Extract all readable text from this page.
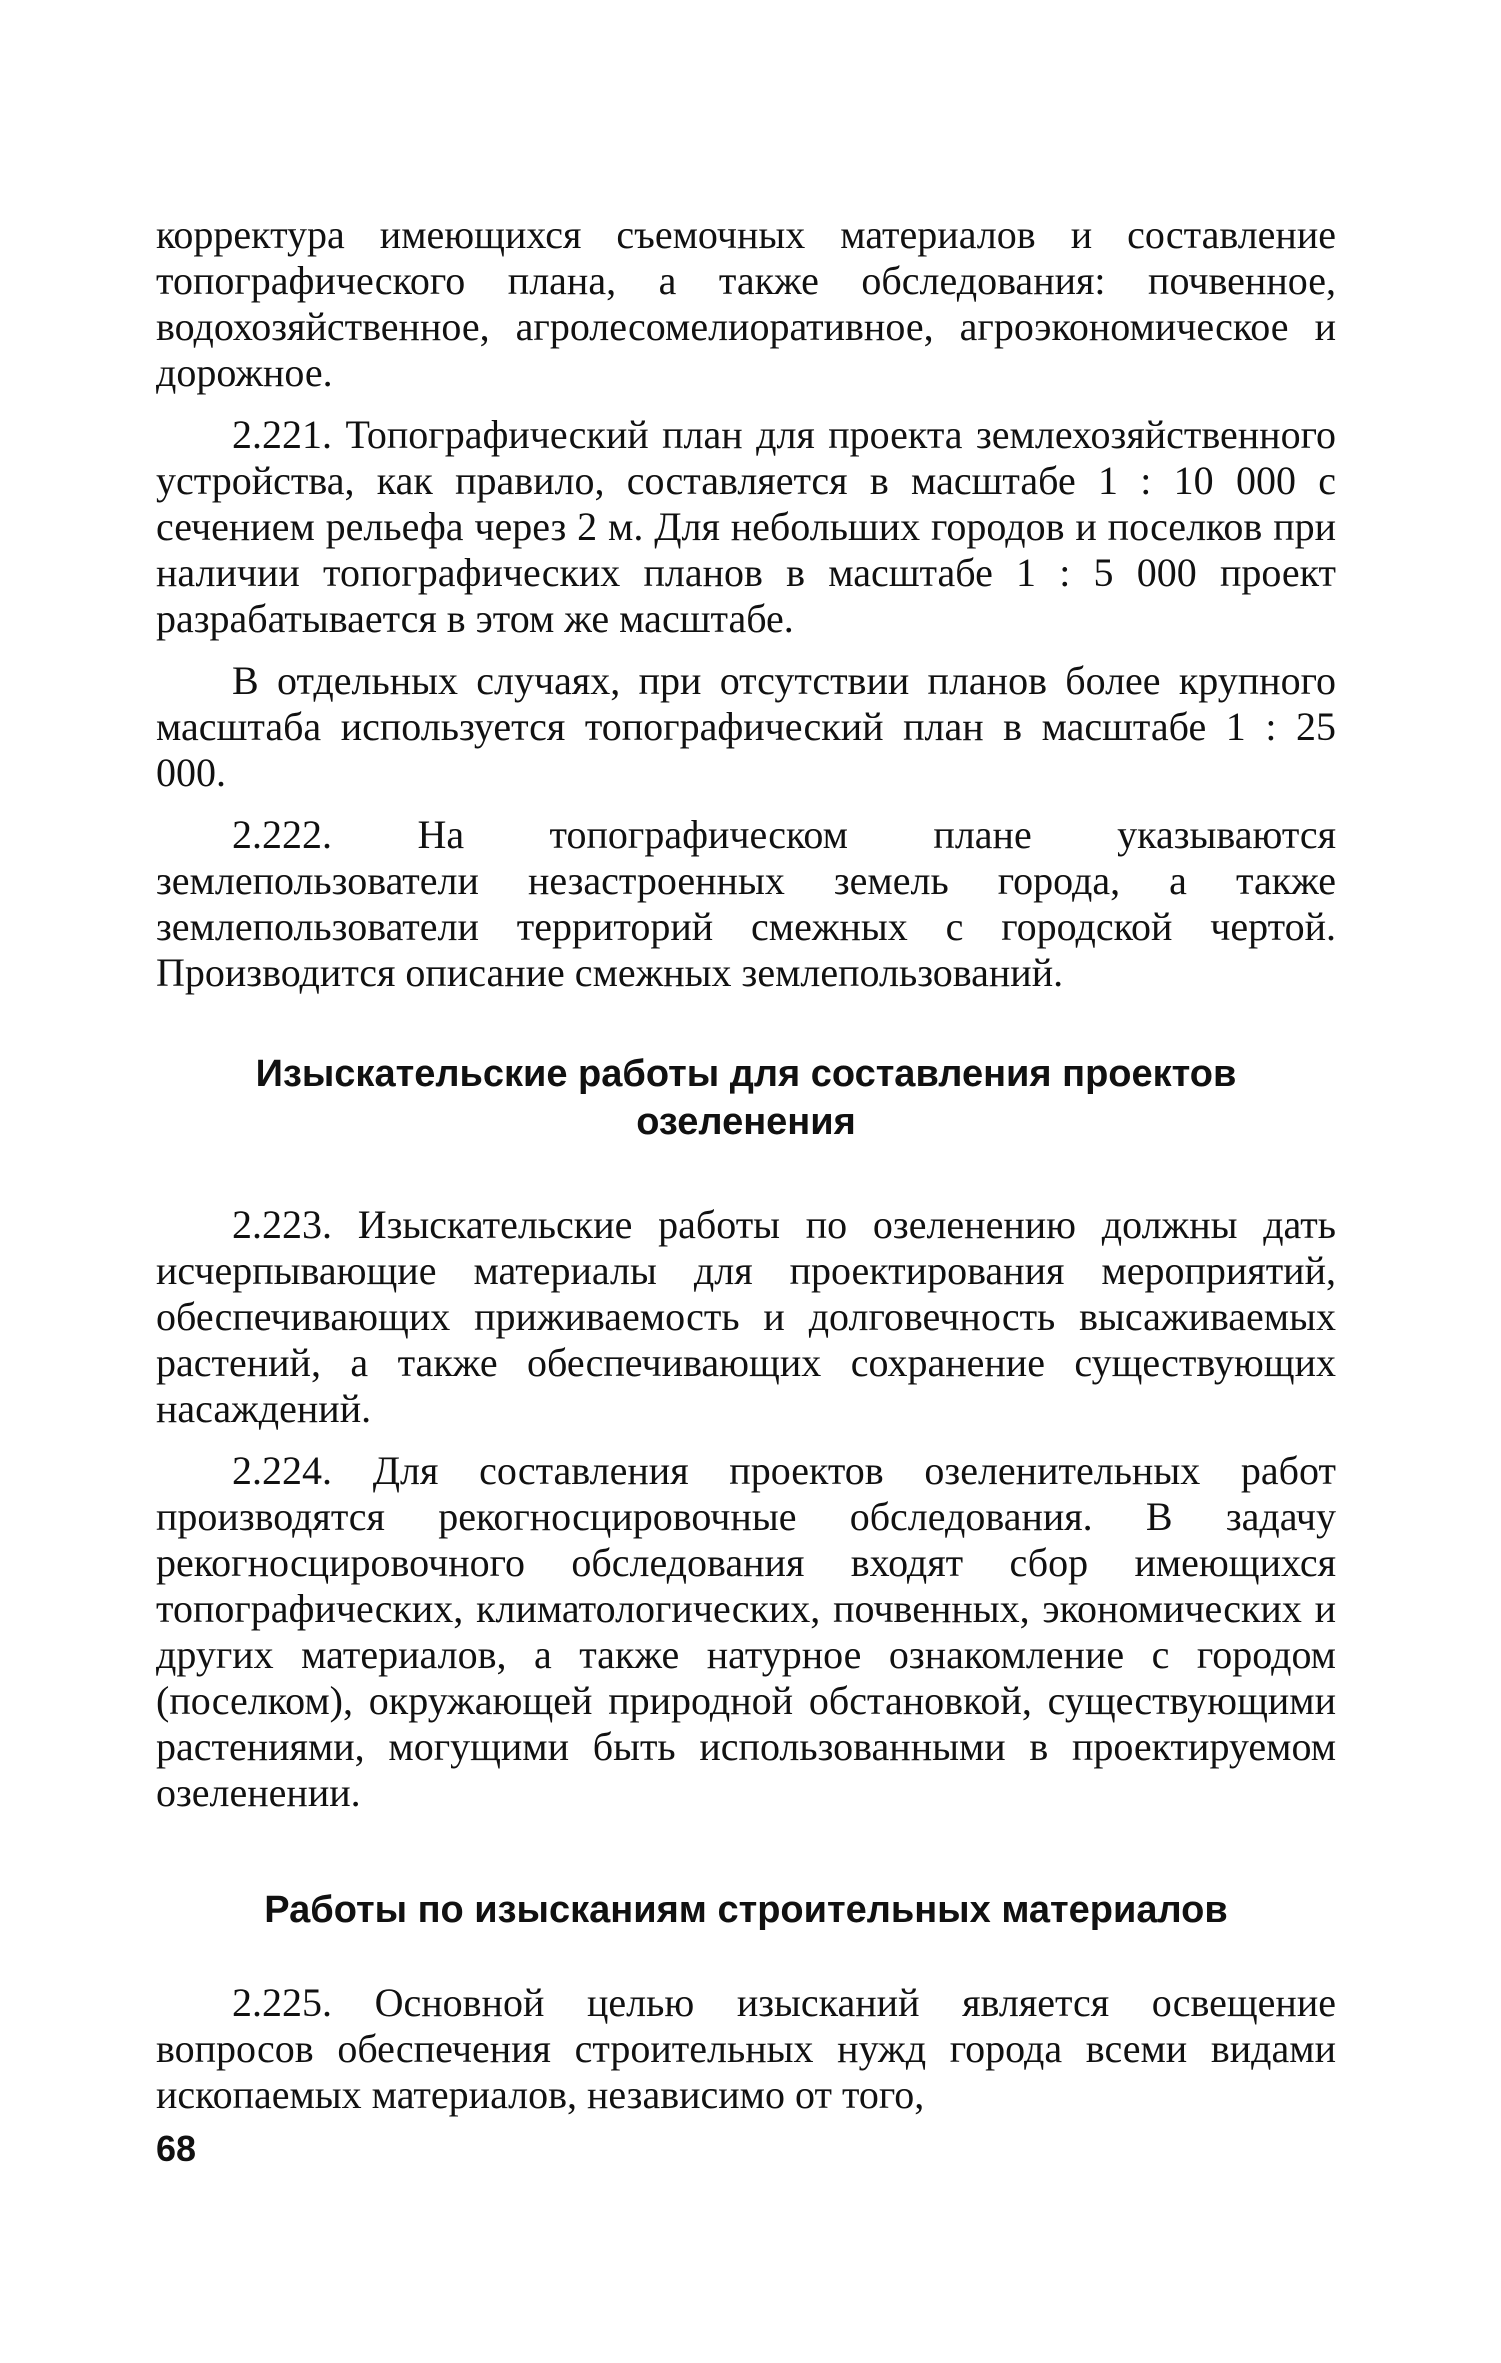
корректура имеющихся съемочных материалов и составление топографического плана, а также обследования: почвенное, водохозяйственное, агролесомелиоративное, агроэкономическое и дорожное.

2.221. Топографический план для проекта землехозяйственного устройства, как правило, составляется в масштабе 1 : 10 000 с сечением рельефа через 2 м. Для небольших городов и поселков при наличии топографических планов в масштабе 1 : 5 000 проект разрабатывается в этом же масштабе.

В отдельных случаях, при отсутствии планов более крупного масштаба используется топографический план в масштабе 1 : 25 000.

2.222. На топографическом плане указываются землепользователи незастроенных земель города, а также землепользователи территорий смежных с городской чертой. Производится описание смежных землепользований.

Изыскательские работы для составления проектов озеленения

2.223. Изыскательские работы по озеленению должны дать исчерпывающие материалы для проектирования мероприятий, обеспечивающих приживаемость и долговечность высаживаемых растений, а также обеспечивающих сохранение существующих насаждений.

2.224. Для составления проектов озеленительных работ производятся рекогносцировочные обследования. В задачу рекогносцировочного обследования входят сбор имеющихся топографических, климатологических, почвенных, экономических и других материалов, а также натурное ознакомление с городом (поселком), окружающей природной обстановкой, существующими растениями, могущими быть использованными в проектируемом озеленении.

Работы по изысканиям строительных материалов

2.225. Основной целью изысканий является освещение вопросов обеспечения строительных нужд города всеми видами ископаемых материалов, независимо от того,

68
